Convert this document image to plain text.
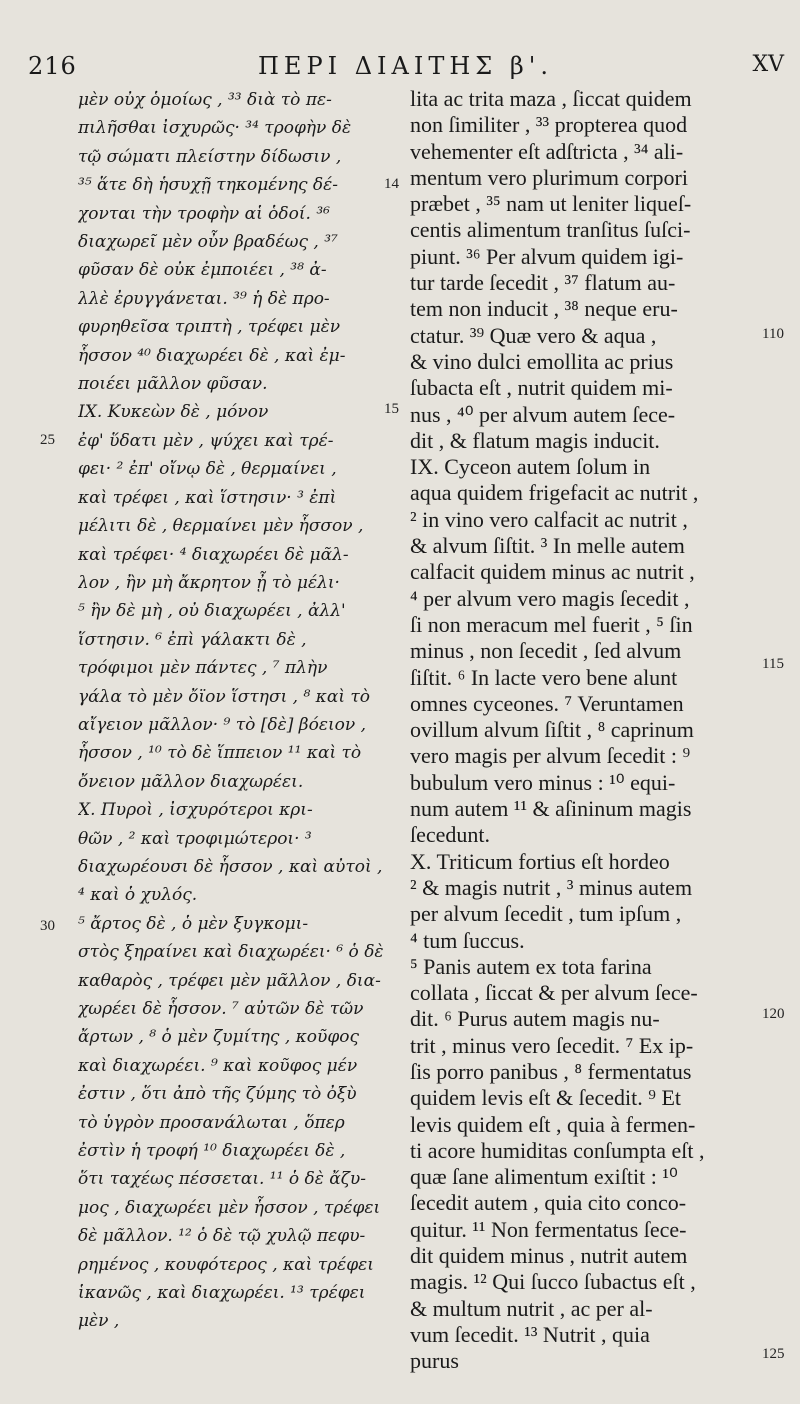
216	ΠΕΡΙ ΔΙΑΙΤΗΣ β'.	XV
μὲν οὐχ ὁμοίως , ³³ διὰ τὸ πε-
πιλῆσθαι ἰσχυρῶς· ³⁴ τροφὴν δὲ
τῷ σώματι πλείστην δίδωσιν ,
³⁵ ἅτε δὴ ἡσυχῇ τηκομένης δέ-
χονται τὴν τροφὴν αἱ ὁδοί. ³⁶
διαχωρεῖ μὲν οὖν βραδέως , ³⁷
φῦσαν δὲ οὐκ ἐμποιέει , ³⁸ ἀ-
λλὲ ἐρυγγάνεται. ³⁹ ἡ δὲ προ-
φυρηθεῖσα τριπτὴ , τρέφει μὲν
ἧσσον ⁴⁰ διαχωρέει δὲ , καὶ ἐμ-
ποιέει μᾶλλον φῦσαν.
IX. Κυκεὼν δὲ , μόνον
ἐφ' ὕδατι μὲν , ψύχει καὶ τρέ-
φει· ² ἐπ' οἴνῳ δὲ , θερμαίνει ,
καὶ τρέφει , καὶ ἵστησιν· ³ ἐπὶ
μέλιτι δὲ , θερμαίνει μὲν ἧσσον ,
καὶ τρέφει· ⁴ διαχωρέει δὲ μᾶλ-
λον , ἢν μὴ ἄκρητον ᾖ τὸ μέλι·
⁵ ἢν δὲ μὴ , οὐ διαχωρέει , ἀλλ'
ἵστησιν. ⁶ ἐπὶ γάλακτι δὲ ,
τρόφιμοι μὲν πάντες , ⁷ πλὴν
γάλα τὸ μὲν ὄϊον ἵστησι , ⁸ καὶ τὸ
αἴγειον μᾶλλον· ⁹ τὸ [δὲ] βόειον ,
ἧσσον , ¹⁰ τὸ δὲ ἵππειον ¹¹ καὶ τὸ
ὄνειον μᾶλλον διαχωρέει.
X. Πυροὶ , ἰσχυρότεροι κρι-
θῶν , ² καὶ τροφιμώτεροι· ³
διαχωρέουσι δὲ ἧσσον , καὶ αὐτοὶ ,
⁴ καὶ ὁ χυλός.
⁵ ἄρτος δὲ , ὁ μὲν ξυγκομι-
στὸς ξηραίνει καὶ διαχωρέει· ⁶ ὁ δὲ
καθαρὸς , τρέφει μὲν μᾶλλον , δια-
χωρέει δὲ ἧσσον. ⁷ αὐτῶν δὲ τῶν
ἄρτων , ⁸ ὁ μὲν ζυμίτης , κοῦφος
καὶ διαχωρέει. ⁹ καὶ κοῦφος μέν
ἐστιν , ὅτι ἀπὸ τῆς ζύμης τὸ ὀξὺ
τὸ ὑγρὸν προσανάλωται , ὅπερ
ἐστὶν ἡ τροφή ¹⁰ διαχωρέει δὲ ,
ὅτι ταχέως πέσσεται. ¹¹ ὁ δὲ ἄζυ-
μος , διαχωρέει μὲν ἧσσον , τρέφει
δὲ μᾶλλον. ¹² ὁ δὲ τῷ χυλῷ πεφυ-
ρημένος , κουφότερος , καὶ τρέφει
ἱκανῶς , καὶ διαχωρέει. ¹³ τρέφει
μὲν ,
lita ac trita maza , ſiccat quidem
non ſimiliter , ³³ propterea quod
vehementer eſt adſtricta , ³⁴ ali-
mentum vero plurimum corpori
præbet , ³⁵ nam ut leniter liqueſ-
centis alimentum tranſitus ſuſci-
piunt. ³⁶ Per alvum quidem igi-
tur tarde ſecedit , ³⁷ flatum au-
tem non inducit , ³⁸ neque eru-
ctatur. ³⁹ Quæ vero & aqua ,
& vino dulci emollita ac prius
ſubacta eſt , nutrit quidem mi-
nus , ⁴⁰ per alvum autem ſece-
dit , & flatum magis inducit.
IX. Cyceon autem ſolum in
aqua quidem frigefacit ac nutrit ,
² in vino vero calfacit ac nutrit ,
& alvum ſiſtit. ³ In melle autem
calfacit quidem minus ac nutrit ,
⁴ per alvum vero magis ſecedit ,
ſi non meracum mel fuerit , ⁵ ſin
minus , non ſecedit , ſed alvum
ſiſtit. ⁶ In lacte vero bene alunt
omnes cyceones. ⁷ Veruntamen
ovillum alvum ſiſtit , ⁸ caprinum
vero magis per alvum ſecedit : ⁹
bubulum vero minus : ¹⁰ equi-
num autem ¹¹ & aſininum magis
ſecedunt.
X. Triticum fortius eſt hordeo
² & magis nutrit , ³ minus autem
per alvum ſecedit , tum ipſum ,
⁴ tum ſuccus.
⁵ Panis autem ex tota farina
collata , ſiccat & per alvum ſece-
dit. ⁶ Purus autem magis nu-
trit , minus vero ſecedit. ⁷ Ex ip-
ſis porro panibus , ⁸ fermentatus
quidem levis eſt & ſecedit. ⁹ Et
levis quidem eſt , quia à fermen-
ti acore humiditas conſumpta eſt ,
quæ ſane alimentum exiſtit : ¹⁰
ſecedit autem , quia cito conco-
quitur. ¹¹ Non fermentatus ſece-
dit quidem minus , nutrit autem
magis. ¹² Qui ſucco ſubactus eſt ,
& multum nutrit , ac per al-
vum ſecedit. ¹³ Nutrit , quia
purus
25
30
14
15
110
115
120
125
